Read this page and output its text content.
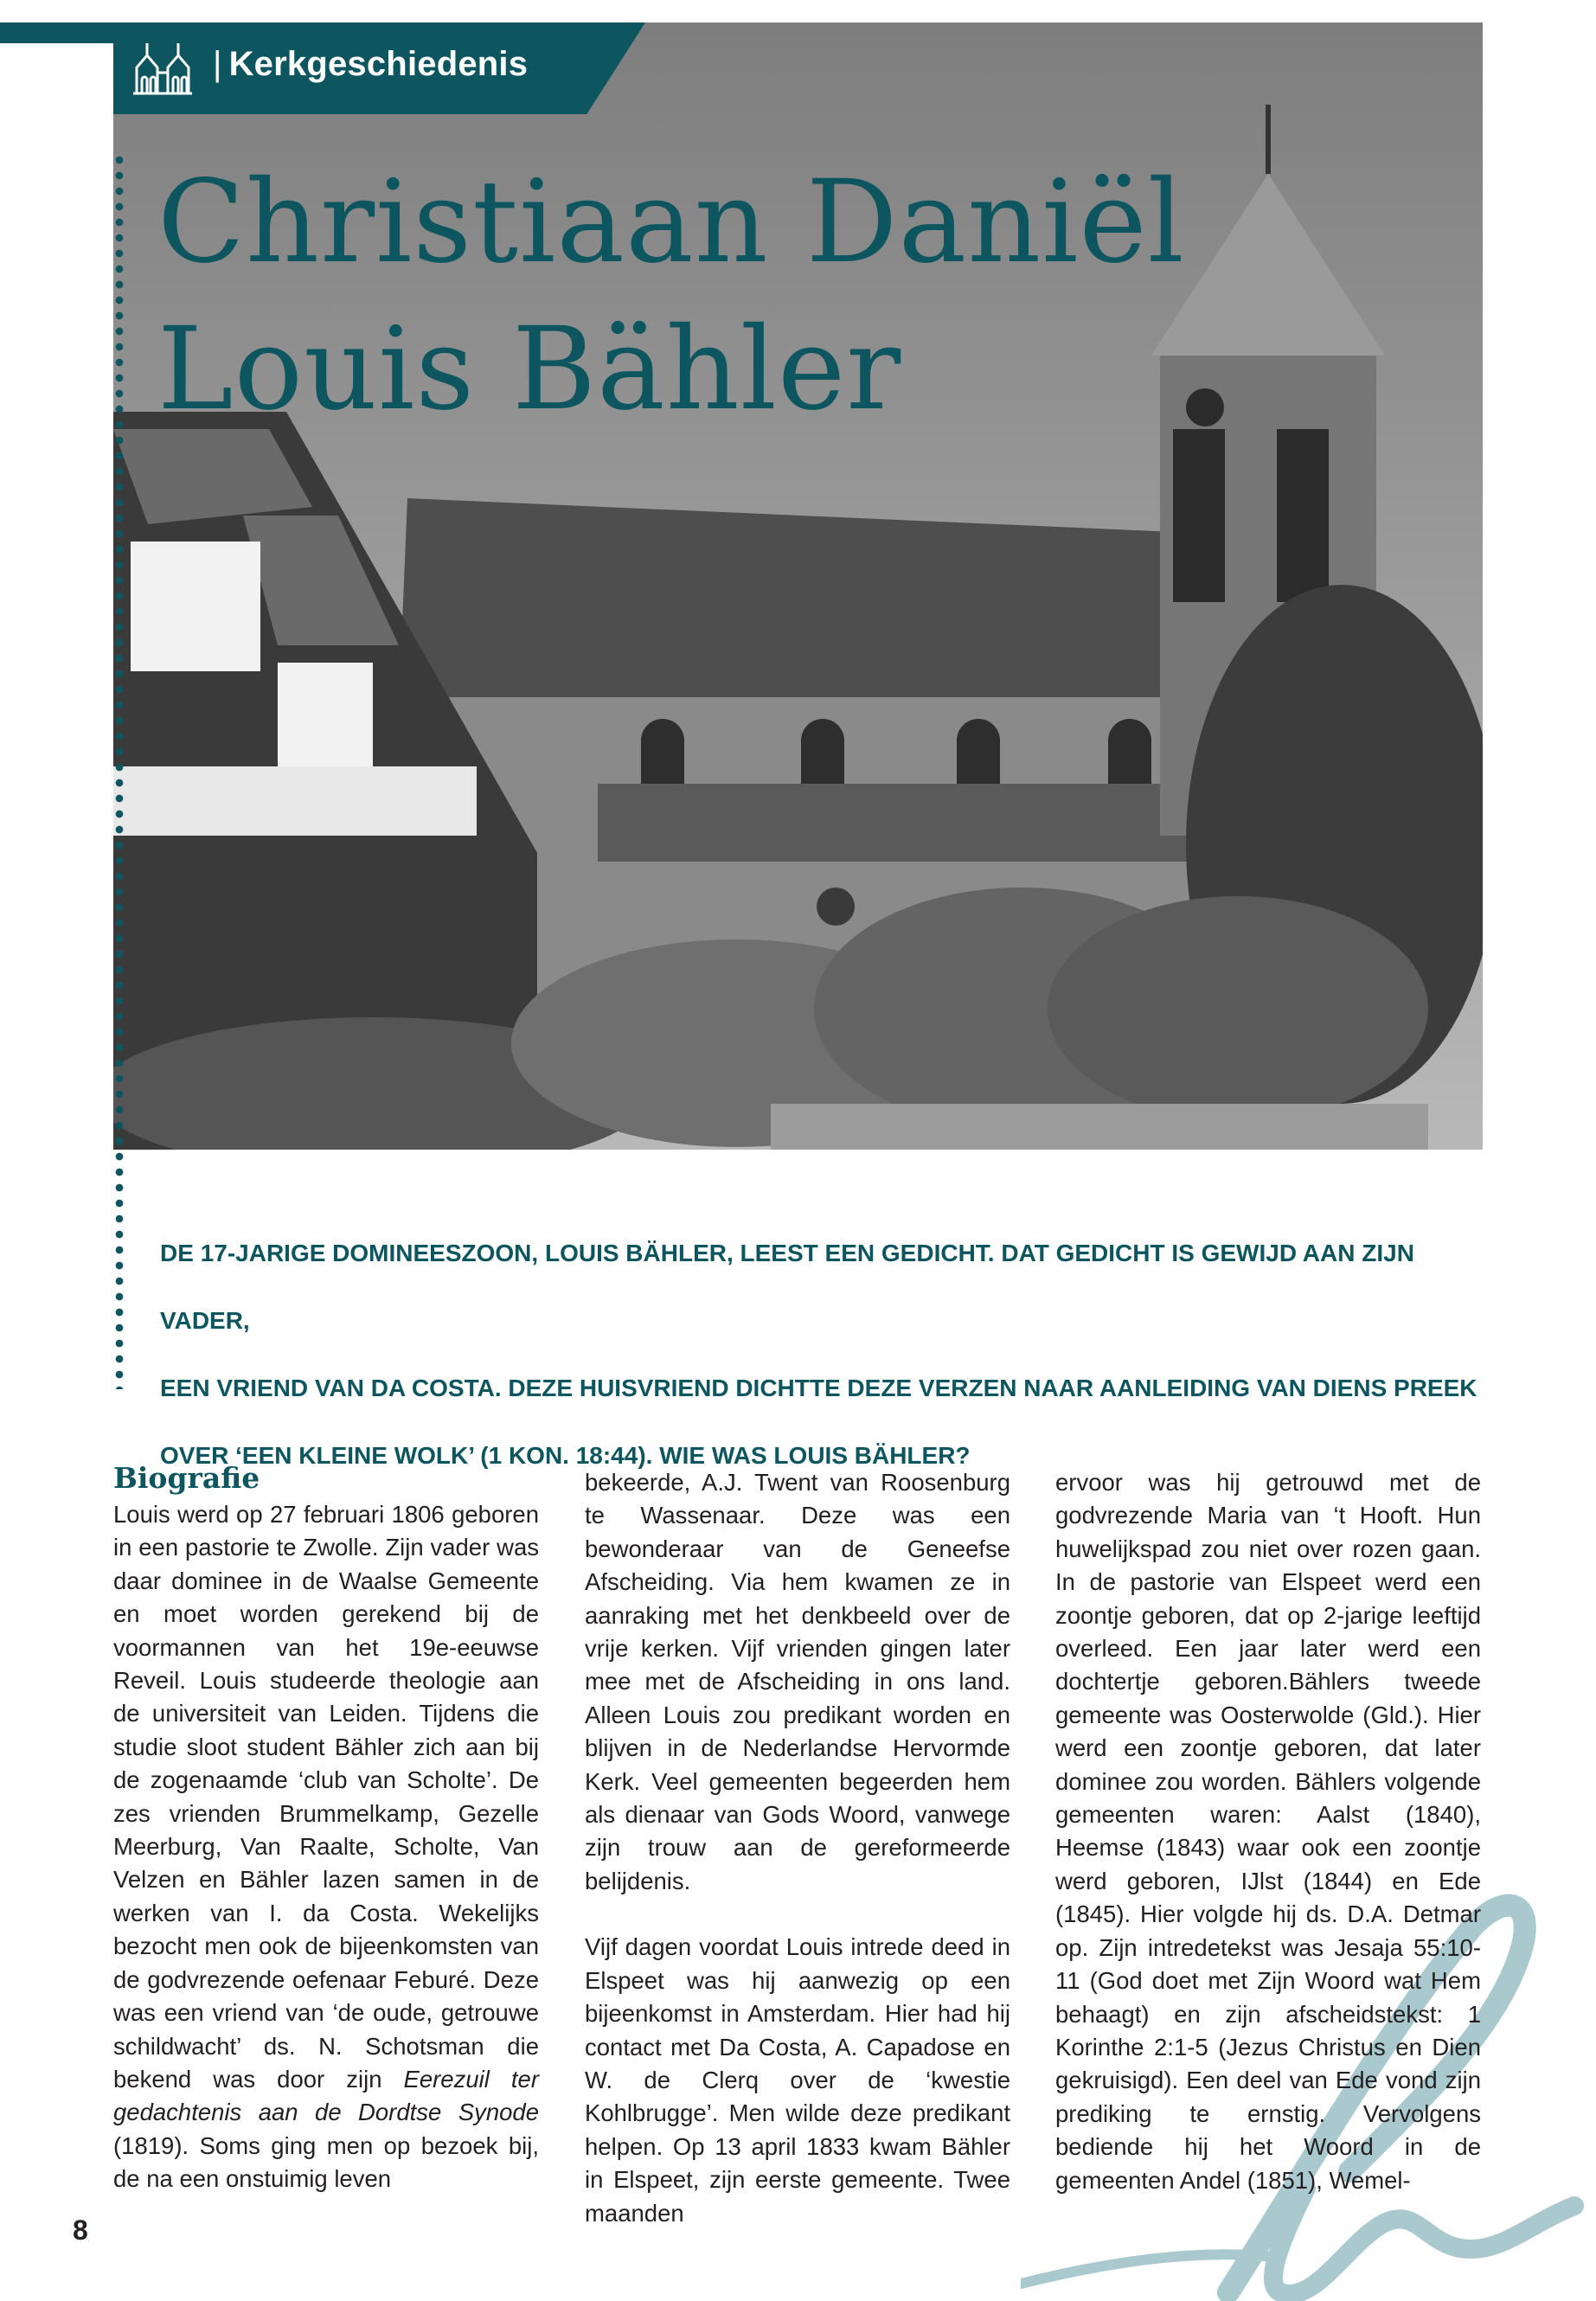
| Kerkgeschiedenis
Christiaan Daniël
Louis Bähler

DE 17-JARIGE DOMINEESZOON, LOUIS BÄHLER, LEEST EEN GEDICHT. DAT GEDICHT IS GEWIJD AAN ZIJN VADER,
EEN VRIEND VAN DA COSTA. DEZE HUISVRIEND DICHTTE DEZE VERZEN NAAR AANLEIDING VAN DIENS PREEK
OVER ‘EEN KLEINE WOLK’ (1 KON. 18:44). WIE WAS LOUIS BÄHLER?

Biografie

Louis werd op 27 februari 1806 geboren in een pastorie te Zwolle. Zijn vader was daar dominee in de Waalse Gemeente en moet worden gerekend bij de voormannen van het 19e-eeuwse Reveil. Louis studeerde theologie aan de universiteit van Leiden. Tijdens die studie sloot student Bähler zich aan bij de zogenaamde ‘club van Scholte’. De zes vrienden Brummelkamp, Gezelle Meerburg, Van Raalte, Scholte, Van Velzen en Bähler lazen samen in de werken van I. da Costa. Wekelijks bezocht men ook de bijeenkomsten van de godvrezende oefenaar Feburé. Deze was een vriend van ‘de oude, getrouwe schildwacht’ ds. N. Schotsman die bekend was door zijn Eerezuil ter gedachtenis aan de Dordtse Synode (1819). Soms ging men op bezoek bij, de na een onstuimig leven

bekeerde, A.J. Twent van Roosenburg te Wassenaar. Deze was een bewonderaar van de Geneefse Afscheiding. Via hem kwamen ze in aanraking met het denkbeeld over de vrije kerken. Vijf vrienden gingen later mee met de Afscheiding in ons land. Alleen Louis zou predikant worden en blijven in de Nederlandse Hervormde Kerk. Veel gemeenten begeerden hem als dienaar van Gods Woord, vanwege zijn trouw aan de gereformeerde belijdenis.

Vijf dagen voordat Louis intrede deed in Elspeet was hij aanwezig op een bijeenkomst in Amsterdam. Hier had hij contact met Da Costa, A. Capadose en W. de Clerq over de ‘kwestie Kohlbrugge’. Men wilde deze predikant helpen. Op 13 april 1833 kwam Bähler in Elspeet, zijn eerste gemeente. Twee maanden

ervoor was hij getrouwd met de godvrezende Maria van ‘t Hooft. Hun huwelijkspad zou niet over rozen gaan. In de pastorie van Elspeet werd een zoontje geboren, dat op 2-jarige leeftijd overleed. Een jaar later werd een dochtertje geboren.Bählers tweede gemeente was Oosterwolde (Gld.). Hier werd een zoontje geboren, dat later dominee zou worden. Bählers volgende gemeenten waren: Aalst (1840), Heemse (1843) waar ook een zoontje werd geboren, IJlst (1844) en Ede (1845). Hier volgde hij ds. D.A. Detmar op. Zijn intredetekst was Jesaja 55:10-11 (God doet met Zijn Woord wat Hem behaagt) en zijn afscheidstekst: 1 Korinthe 2:1-5 (Jezus Christus en Dien gekruisigd). Een deel van Ede vond zijn prediking te ernstig. Vervolgens bediende hij het Woord in de gemeenten Andel (1851), Wemel-

8
